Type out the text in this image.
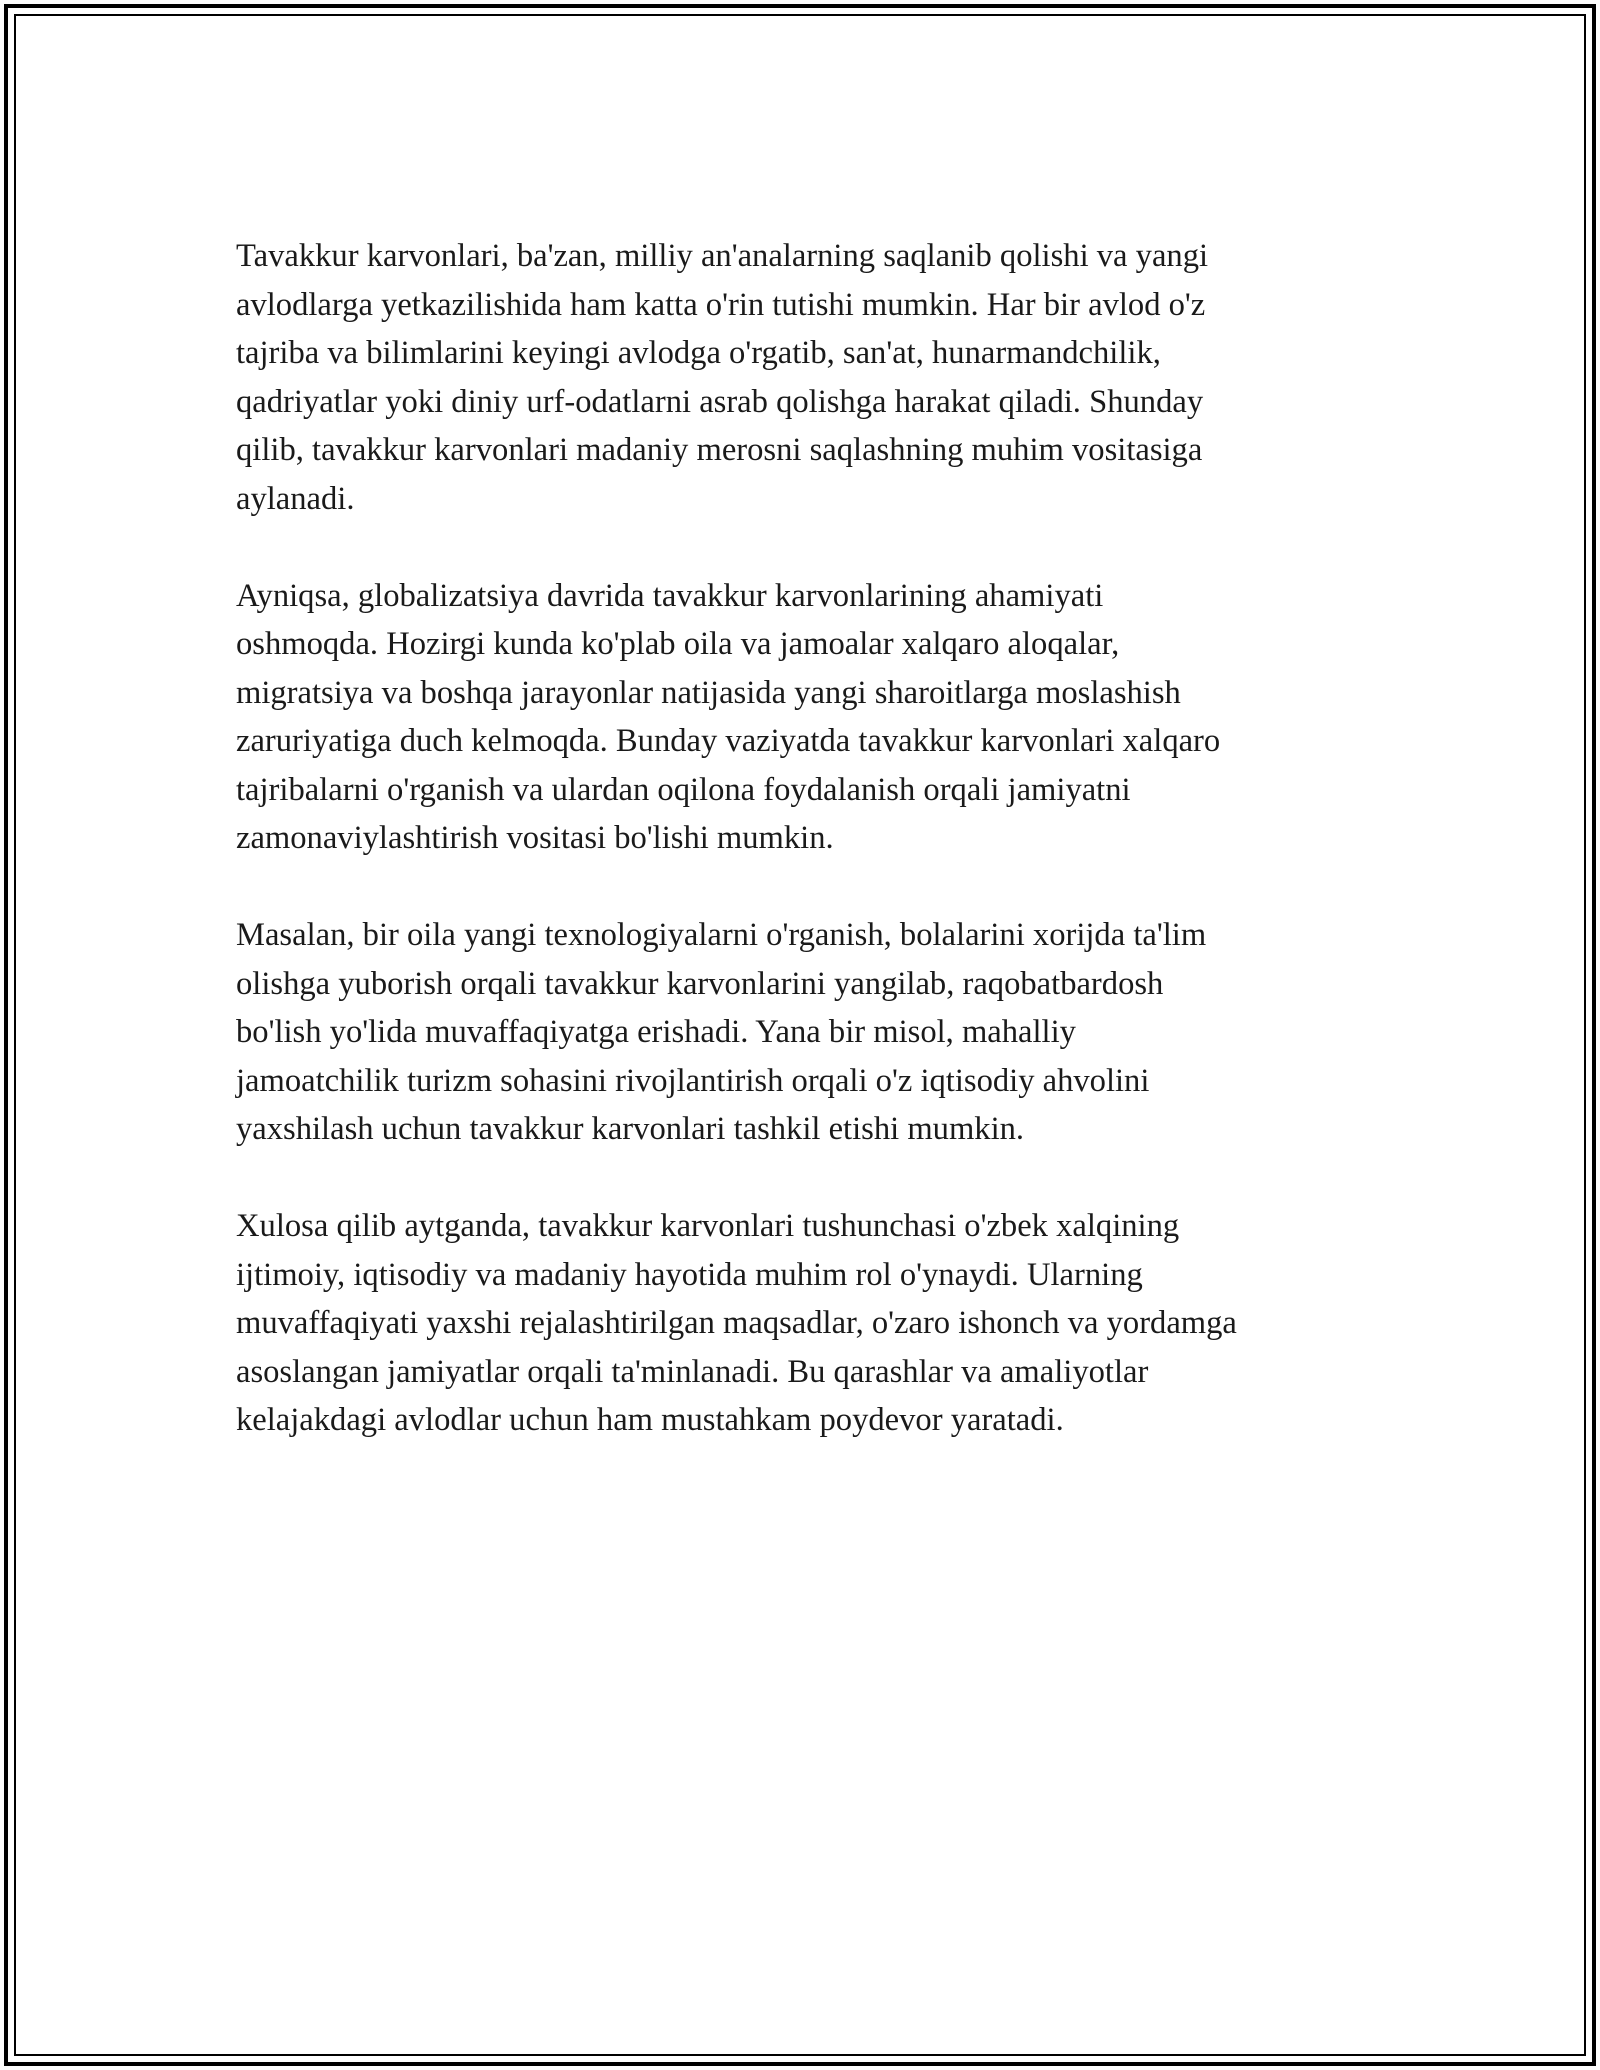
Tavakkur karvonlari, ba'zan, milliy an'analarning saqlanib qolishi va yangi
avlodlarga yetkazilishida ham katta o'rin tutishi mumkin. Har bir avlod o'z
tajriba va bilimlarini keyingi avlodga o'rgatib, san'at, hunarmandchilik,
qadriyatlar yoki diniy urf-odatlarni asrab qolishga harakat qiladi. Shunday
qilib, tavakkur karvonlari madaniy merosni saqlashning muhim vositasiga
aylanadi.

Ayniqsa, globalizatsiya davrida tavakkur karvonlarining ahamiyati
oshmoqda. Hozirgi kunda ko'plab oila va jamoalar xalqaro aloqalar,
migratsiya va boshqa jarayonlar natijasida yangi sharoitlarga moslashish
zaruriyatiga duch kelmoqda. Bunday vaziyatda tavakkur karvonlari xalqaro
tajribalarni o'rganish va ulardan oqilona foydalanish orqali jamiyatni
zamonaviylashtirish vositasi bo'lishi mumkin.

Masalan, bir oila yangi texnologiyalarni o'rganish, bolalarini xorijda ta'lim
olishga yuborish orqali tavakkur karvonlarini yangilab, raqobatbardosh
bo'lish yo'lida muvaffaqiyatga erishadi. Yana bir misol, mahalliy
jamoatchilik turizm sohasini rivojlantirish orqali o'z iqtisodiy ahvolini
yaxshilash uchun tavakkur karvonlari tashkil etishi mumkin.

Xulosa qilib aytganda, tavakkur karvonlari tushunchasi o'zbek xalqining
ijtimoiy, iqtisodiy va madaniy hayotida muhim rol o'ynaydi. Ularning
muvaffaqiyati yaxshi rejalashtirilgan maqsadlar, o'zaro ishonch va yordamga
asoslangan jamiyatlar orqali ta'minlanadi. Bu qarashlar va amaliyotlar
kelajakdagi avlodlar uchun ham mustahkam poydevor yaratadi.
